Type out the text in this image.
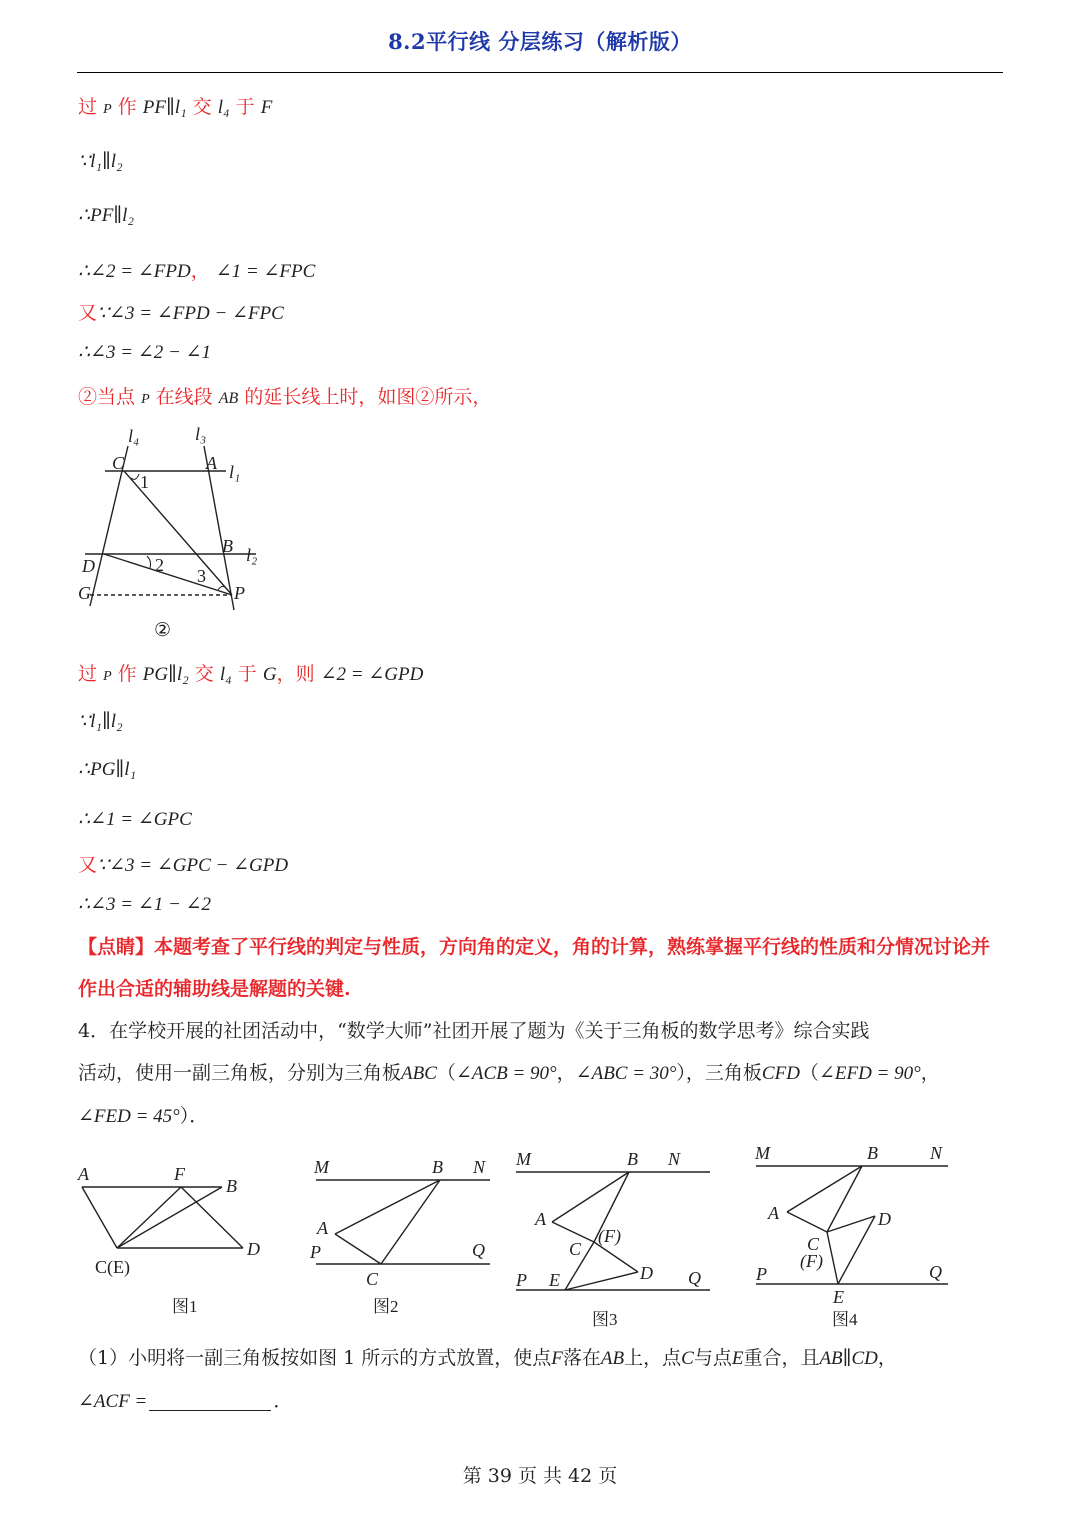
8.2平行线 分层练习（解析版）
过 P 作 PF∥l₁ 交 l₄ 于 F
∵l₁∥l₂
∴PF∥l₂
∴∠2 = ∠FPD， ∠1 = ∠FPC
又∵∠3 = ∠FPD − ∠FPC
∴∠3 = ∠2 − ∠1
②当点 P 在线段 AB 的延长线上时，如图②所示，
l₄	l₃
l₁
l₂
C	A
1
B
D	2
3
G	P
②
过 P 作 PG∥l₂ 交 l₄ 于 G，则 ∠2 = ∠GPD
∵l₁∥l₂
∴PG∥l₁
∴∠1 = ∠GPC
又∵∠3 = ∠GPC − ∠GPD
∴∠3 = ∠1 − ∠2
【点睛】本题考查了平行线的判定与性质，方向角的定义，角的计算，熟练掌握平行线的性质和分情况讨论并作出合适的辅助线是解题的关键.
4．在学校开展的社团活动中，“数学大师”社团开展了题为《关于三角板的数学思考》综合实践
活动，使用一副三角板，分别为三角板ABC（∠ACB = 90°，∠ABC = 30°），三角板CFD（∠EFD = 90°，
∠FED = 45°）．
A	F
B
C(E)
D
图1
M	B N
A
P	Q
C
图2
M	B N
A
C
(F)
P E	D Q
图3
M	B	N
A	D
C
(F)
P	Q
E
图4
（1）小明将一副三角板按如图 1 所示的方式放置，使点F落在AB上，点C与点E重合，且AB∥CD，
∠ACF =	．
第 39 页 共 42 页
